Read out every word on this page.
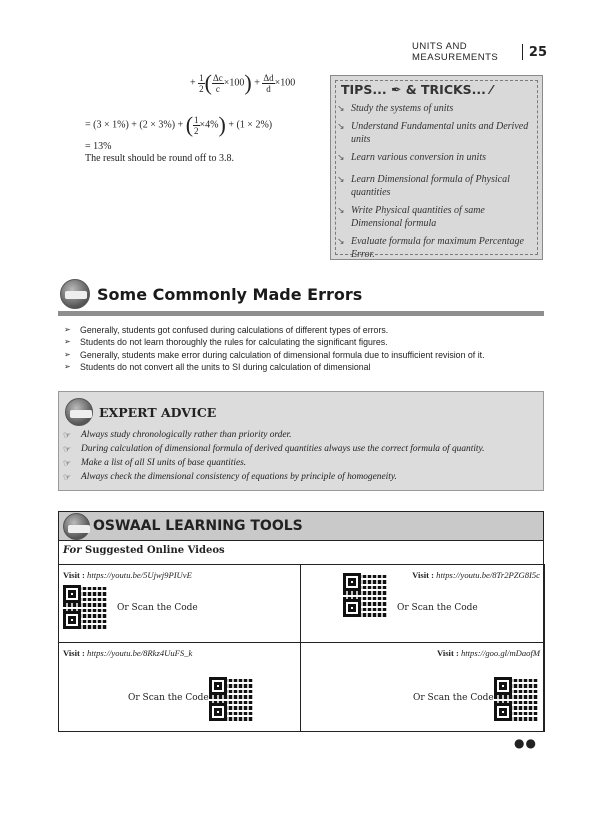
UNITS AND MEASUREMENTS	25
+ $\frac{1}{2}$ ( $\frac{\Delta c}{c} \times 100) + \frac{\Delta d}{d} \times 100$
= (3 × 1%) + (2 × 3%) + ( $\frac{1}{2} \times 4\%) + (1 \times 2\%)$
= 13%
The result should be round off to 3.8.
TIPS... ✒ & TRICKS... ⁄
↘ Study the systems of units
↘ Understand Fundamental units and Derived units
↘ Learn various conversion in units
↘ Learn Dimensional formula of Physical quantities
↘ Write Physical quantities of same Dimensional formula
↘ Evaluate formula for maximum Percentage Error.
Some Commonly Made Errors
➢	Generally, students got confused during calculations of different types of errors.
➢	Students do not learn thoroughly the rules for calculating the significant figures.
➢	Generally, students make error during calculation of dimensional formula due to insufficient revision of it.
➢	Students do not convert all the units to SI during calculation of dimensional
EXPERT ADVICE
☞	Always study chronologically rather than priority order.
☞	During calculation of dimensional formula of derived quantities always use the correct formula of quantity.
☞	Make a list of all SI units of base quantities.
☞	Always check the dimensional consistency of equations by principle of homogeneity.
OSWAAL LEARNING TOOLS
For Suggested Online Videos
Visit : https://youtu.be/5Ujwj9PIUvE
Or Scan the Code
Visit : https://youtu.be/8Tr2PZG8I5c
Or Scan the Code
Visit : https://youtu.be/8Rkz4UuFS_k
Or Scan the Code
Visit : https://goo.gl/mDaofM
Or Scan the Code
●●
